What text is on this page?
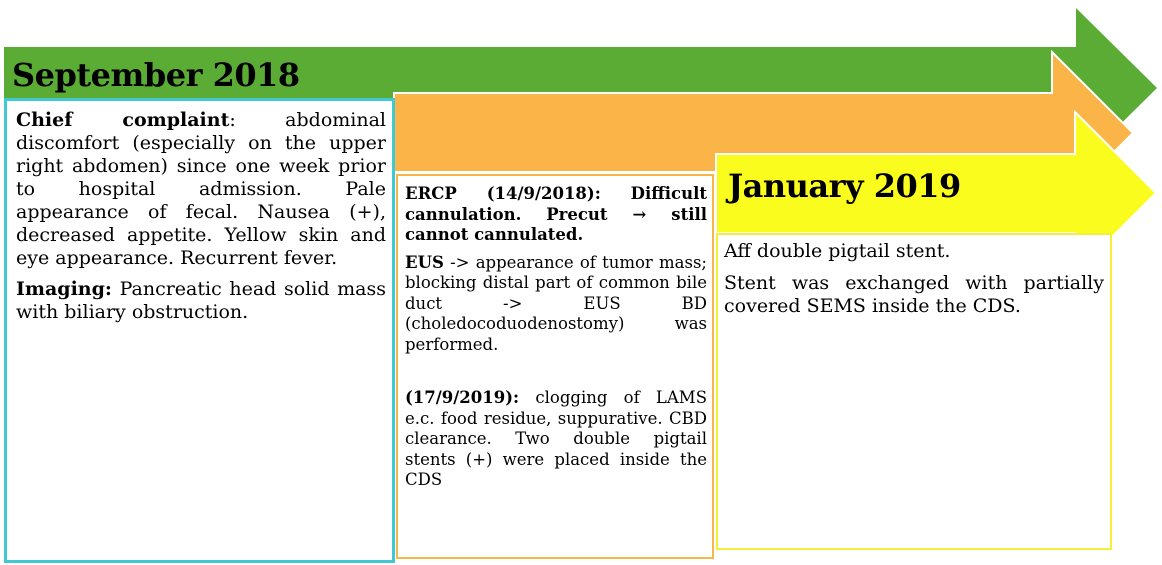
September 2018
January 2019

Chief complaint: abdominal discomfort (especially on the upper right abdomen) since one week prior to hospital admission. Pale appearance of fecal. Nausea (+), decreased appetite. Yellow skin and eye appearance. Recurrent fever.

Imaging: Pancreatic head solid mass with biliary obstruction.

ERCP (14/9/2018): Difficult cannulation. Precut → still cannot cannulated.

EUS -> appearance of tumor mass; blocking distal part of common bile duct -> EUS BD (choledocoduodenostomy) was performed.

(17/9/2019): clogging of LAMS e.c. food residue, suppurative. CBD clearance. Two double pigtail stents (+) were placed inside the CDS

Aff double pigtail stent.

Stent was exchanged with partially covered SEMS inside the CDS.
